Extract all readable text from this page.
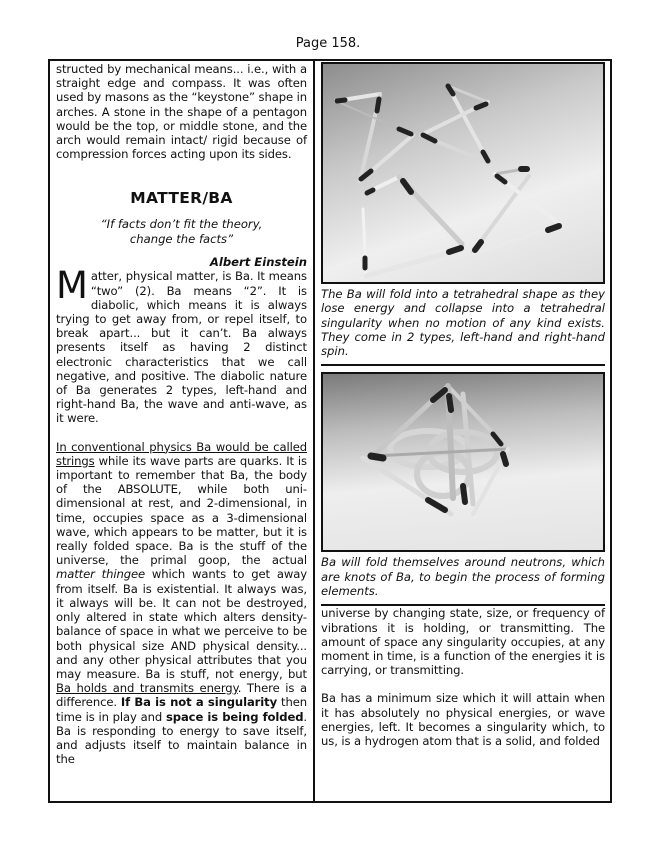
Page 158.

structed by mechanical means... i.e., with a straight edge and compass. It was often used by masons as the “keystone” shape in arches. A stone in the shape of a pentagon would be the top, or middle stone, and the arch would remain intact/ rigid because of compression forces acting upon its sides.

MATTER/BA
“If facts don’t fit the theory,
change the facts”
Albert Einstein

Matter, physical matter, is Ba. It means “two” (2). Ba means “2”. It is diabolic, which means it is always trying to get away from, or repel itself, to break apart... but it can’t. Ba always presents itself as having 2 distinct electronic characteristics that we call negative, and positive. The diabolic nature of Ba generates 2 types, left-hand and right-hand Ba, the wave and anti-wave, as it were.

In conventional physics Ba would be called strings while its wave parts are quarks. It is important to remember that Ba, the body of the ABSOLUTE, while both uni-dimensional at rest, and 2-dimensional, in time, occupies space as a 3-dimensional wave, which appears to be matter, but it is really folded space. Ba is the stuff of the universe, the primal goop, the actual matter thingee which wants to get away from itself. Ba is existential. It always was, it always will be. It can not be destroyed, only altered in state which alters density-balance of space in what we perceive to be both physical size AND physical density... and any other physical attributes that you may measure. Ba is stuff, not energy, but Ba holds and transmits energy. There is a difference. If Ba is not a singularity then time is in play and space is being folded. Ba is responding to energy to save itself, and adjusts itself to maintain balance in the

The Ba will fold into a tetrahedral shape as they lose energy and collapse into a tetrahedral singularity when no motion of any kind exists. They come in 2 types, left-hand and right-hand spin.

Ba will fold themselves around neutrons, which are knots of Ba, to begin the process of forming elements.

universe by changing state, size, or frequency of vibrations it is holding, or transmitting. The amount of space any singularity occupies, at any moment in time, is a function of the energies it is carrying, or transmitting.

Ba has a minimum size which it will attain when it has absolutely no physical energies, or wave energies, left. It becomes a singularity which, to us, is a hydrogen atom that is a solid, and folded
